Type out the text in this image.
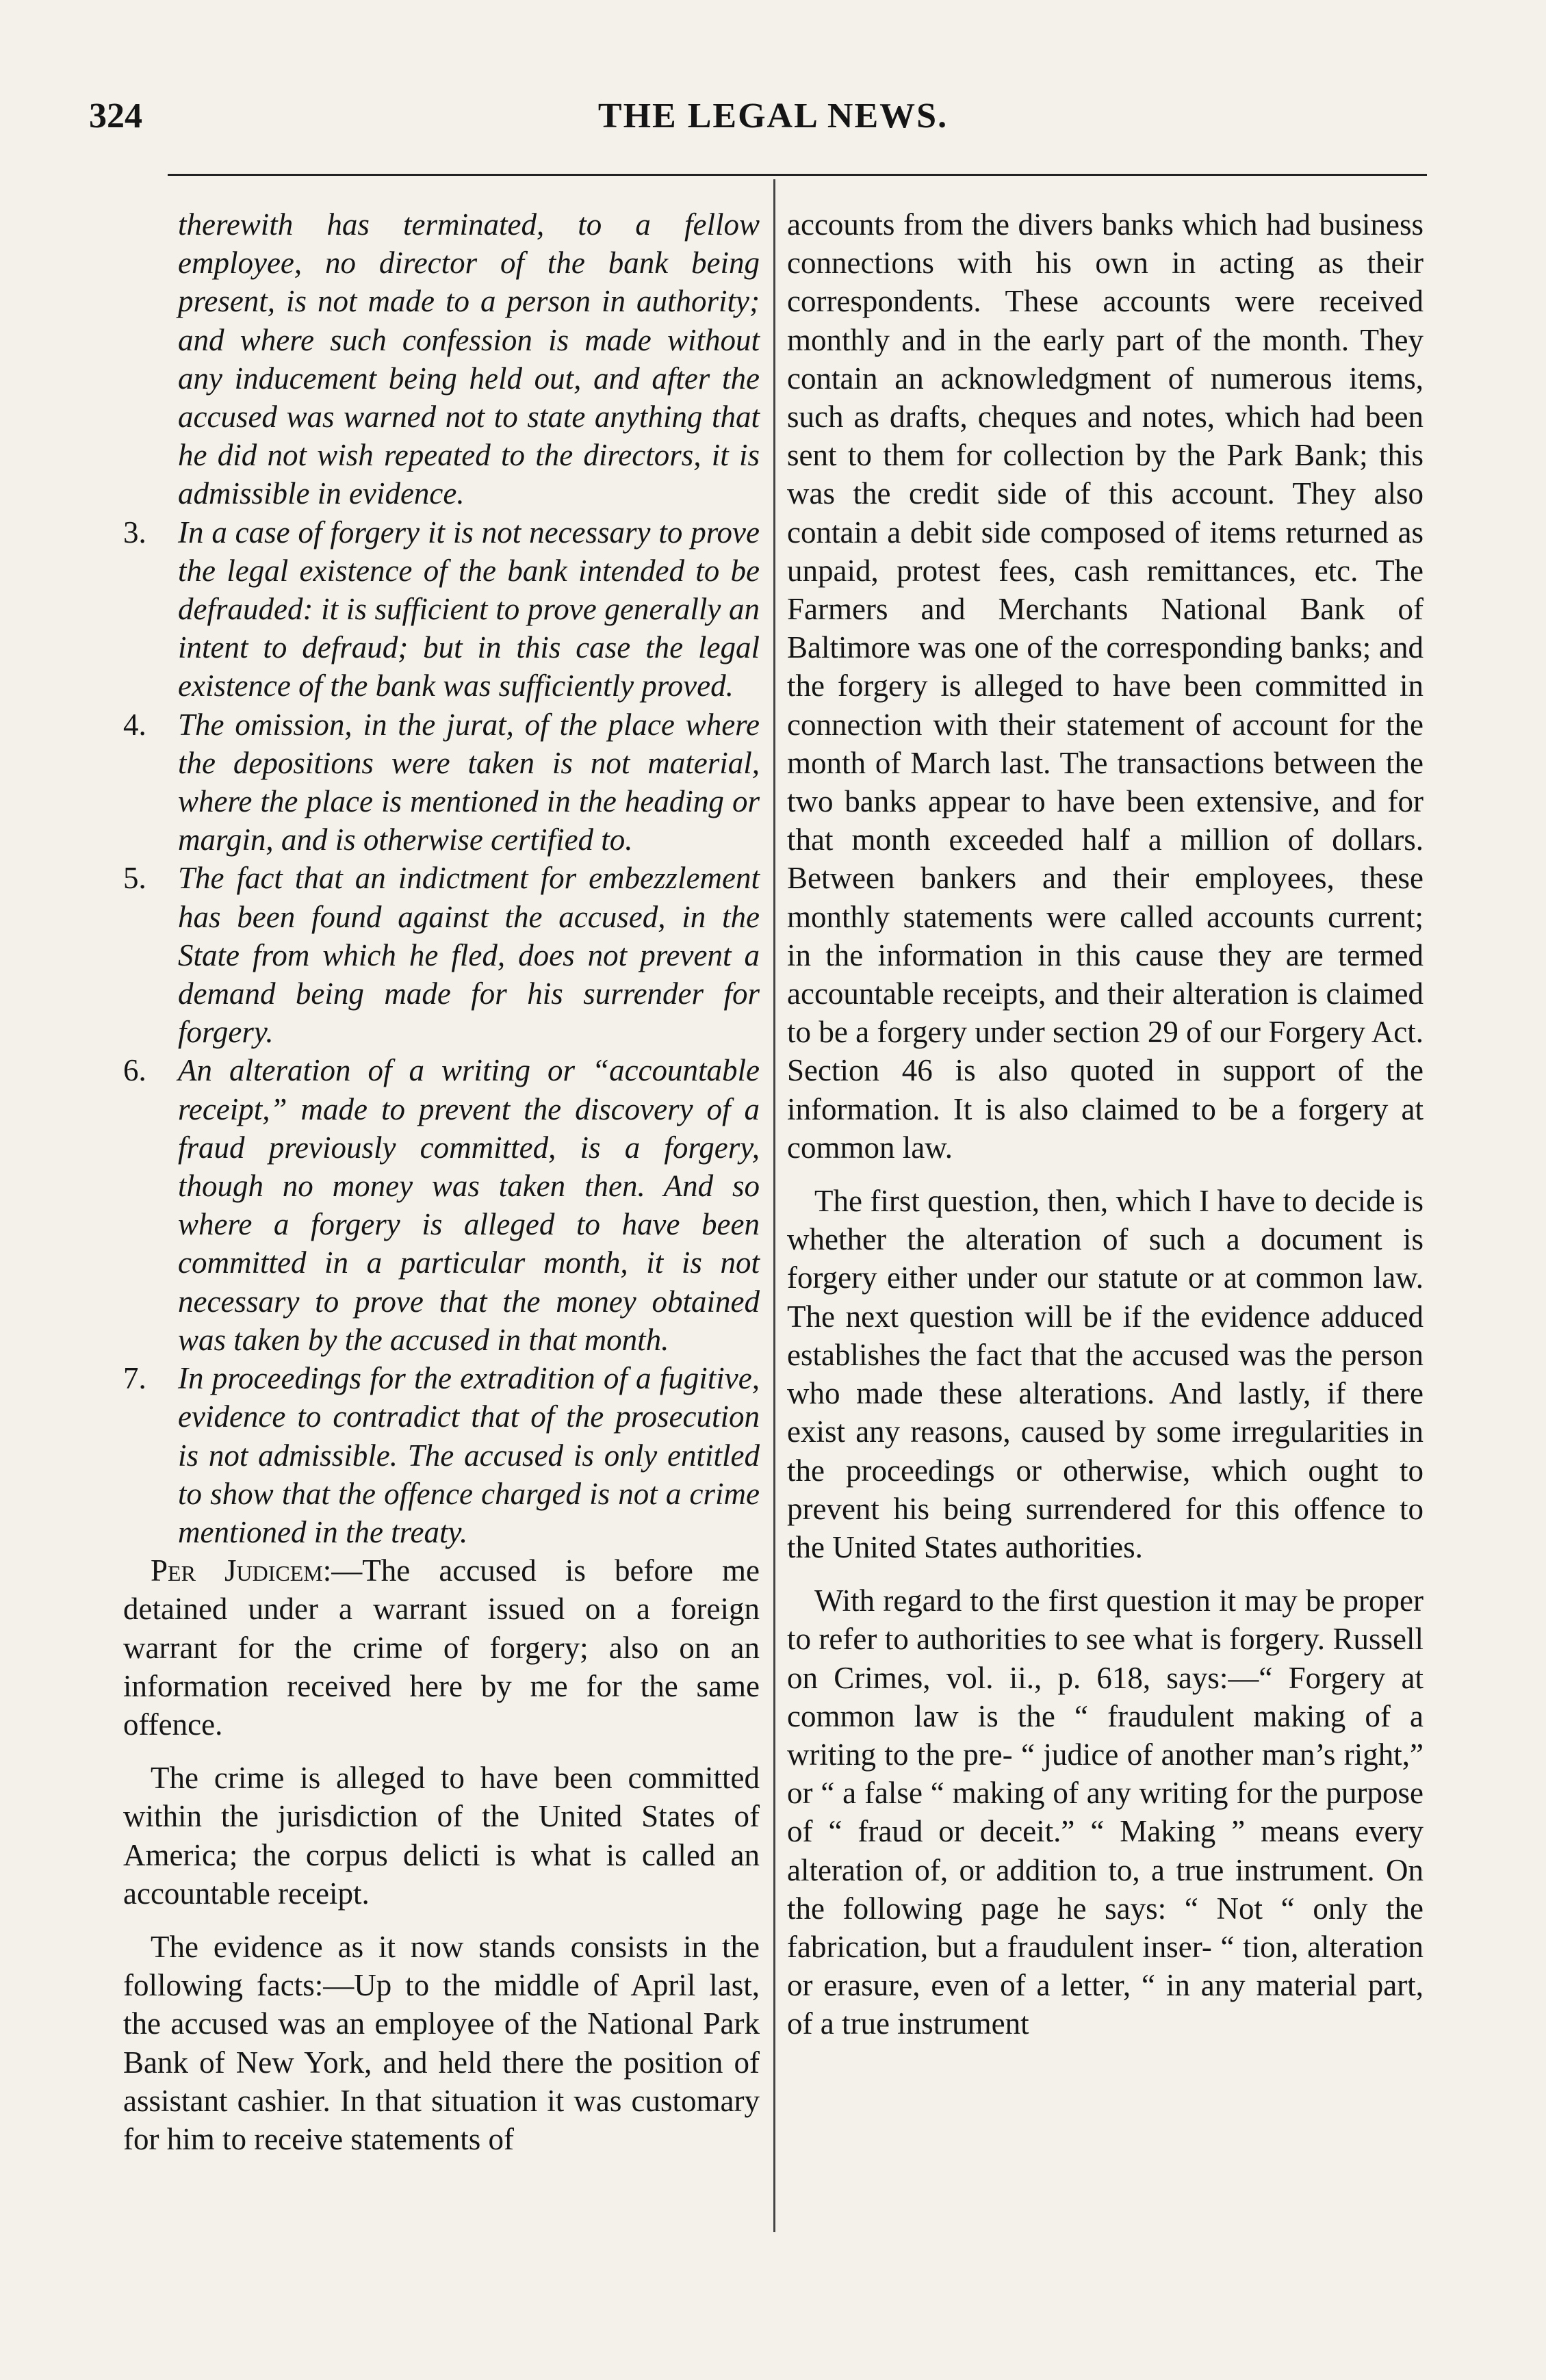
324	THE LEGAL NEWS.
therewith has terminated, to a fellow employee, no director of the bank being present, is not made to a person in authority; and where such confession is made without any inducement being held out, and after the accused was warned not to state anything that he did not wish repeated to the directors, it is admissible in evidence.
3.	In a case of forgery it is not necessary to prove the legal existence of the bank intended to be defrauded: it is sufficient to prove generally an intent to defraud; but in this case the legal existence of the bank was sufficiently proved.
4.	The omission, in the jurat, of the place where the depositions were taken is not material, where the place is mentioned in the heading or margin, and is otherwise certified to.
5.	The fact that an indictment for embezzlement has been found against the accused, in the State from which he fled, does not prevent a demand being made for his surrender for forgery.
6.	An alteration of a writing or “accountable receipt,” made to prevent the discovery of a fraud previously committed, is a forgery, though no money was taken then. And so where a forgery is alleged to have been committed in a particular month, it is not necessary to prove that the money obtained was taken by the accused in that month.
7.	In proceedings for the extradition of a fugitive, evidence to contradict that of the prosecution is not admissible. The accused is only entitled to show that the offence charged is not a crime mentioned in the treaty.

Per Judicem:—The accused is before me detained under a warrant issued on a foreign warrant for the crime of forgery; also on an information received here by me for the same offence.

The crime is alleged to have been committed within the jurisdiction of the United States of America; the corpus delicti is what is called an accountable receipt.

The evidence as it now stands consists in the following facts:—Up to the middle of April last, the accused was an employee of the National Park Bank of New York, and held there the position of assistant cashier. In that situation it was customary for him to receive statements of

accounts from the divers banks which had business connections with his own in acting as their correspondents. These accounts were received monthly and in the early part of the month. They contain an acknowledgment of numerous items, such as drafts, cheques and notes, which had been sent to them for collection by the Park Bank; this was the credit side of this account. They also contain a debit side composed of items returned as unpaid, protest fees, cash remittances, etc. The Farmers and Merchants National Bank of Baltimore was one of the corresponding banks; and the forgery is alleged to have been committed in connection with their statement of account for the month of March last. The transactions between the two banks appear to have been extensive, and for that month exceeded half a million of dollars. Between bankers and their employees, these monthly statements were called accounts current; in the information in this cause they are termed accountable receipts, and their alteration is claimed to be a forgery under section 29 of our Forgery Act. Section 46 is also quoted in support of the information. It is also claimed to be a forgery at common law.

The first question, then, which I have to decide is whether the alteration of such a document is forgery either under our statute or at common law. The next question will be if the evidence adduced establishes the fact that the accused was the person who made these alterations. And lastly, if there exist any reasons, caused by some irregularities in the proceedings or otherwise, which ought to prevent his being surrendered for this offence to the United States authorities.

With regard to the first question it may be proper to refer to authorities to see what is forgery. Russell on Crimes, vol. ii., p. 618, says:—“ Forgery at common law is the “ fraudulent making of a writing to the pre- “ judice of another man’s right,” or “ a false “ making of any writing for the purpose of “ fraud or deceit.” “ Making ” means every alteration of, or addition to, a true instrument. On the following page he says: “ Not “ only the fabrication, but a fraudulent inser- “ tion, alteration or erasure, even of a letter, “ in any material part, of a true instrument
